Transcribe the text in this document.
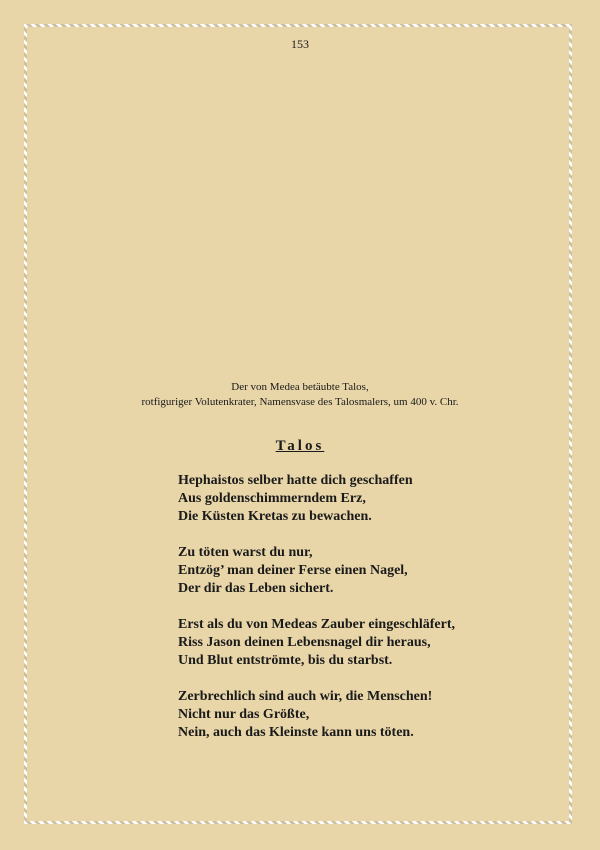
153
Der von Medea betäubte Talos,
rotfiguriger Volutenkrater, Namensvase des Talosmalers, um 400 v. Chr.
Talos
Hephaistos selber hatte dich geschaffen
Aus goldenschimmerndem Erz,
Die Küsten Kretas zu bewachen.
Zu töten warst du nur,
Entzög’ man deiner Ferse einen Nagel,
Der dir das Leben sichert.
Erst als du von Medeas Zauber eingeschläfert,
Riss Jason deinen Lebensnagel dir heraus,
Und Blut entströmte, bis du starbst.
Zerbrechlich sind auch wir, die Menschen!
Nicht nur das Größte,
Nein, auch das Kleinste kann uns töten.
